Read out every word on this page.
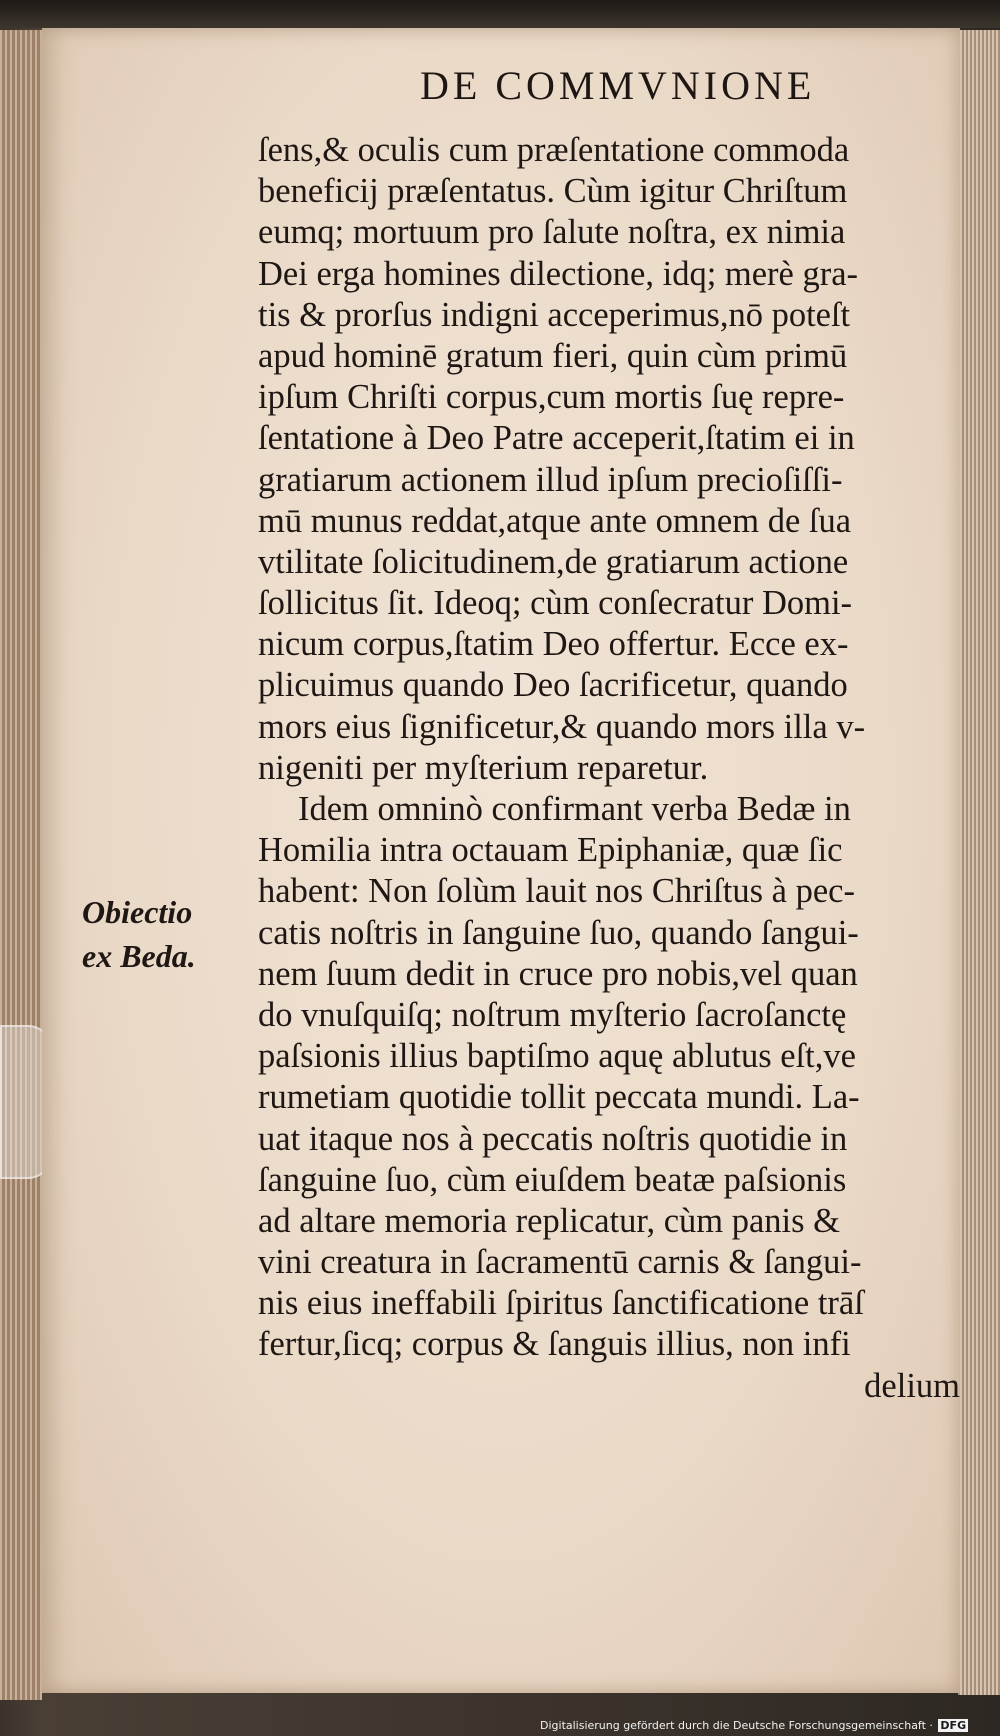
DE COMMVNIONE
ſens,& oculis cum præſentatione commoda
beneficij præſentatus. Cùm igitur Chriſtum
eumq; mortuum pro ſalute noſtra, ex nimia
Dei erga homines dilectione, idq; merè gra-
tis & prorſus indigni acceperimus,nō poteſt
apud hominē gratum fieri, quin cùm primū
ipſum Chriſti corpus,cum mortis ſuę repre-
ſentatione à Deo Patre acceperit,ſtatim ei in
gratiarum actionem illud ipſum precioſiſſi-
mū munus reddat,atque ante omnem de ſua
vtilitate ſolicitudinem,de gratiarum actione
ſollicitus ſit. Ideoq; cùm conſecratur Domi-
nicum corpus,ſtatim Deo offertur. Ecce ex-
plicuimus quando Deo ſacrificetur, quando
mors eius ſignificetur,& quando mors illa v-
nigeniti per myſterium reparetur.
Idem omninò confirmant verba Bedæ in
Homilia intra octauam Epiphaniæ, quæ ſic
habent: Non ſolùm lauit nos Chriſtus à pec-
catis noſtris in ſanguine ſuo, quando ſangui-
nem ſuum dedit in cruce pro nobis,vel quan
do vnuſquiſq; noſtrum myſterio ſacroſanctę
paſsionis illius baptiſmo aquę ablutus eſt,ve
rumetiam quotidie tollit peccata mundi. La-
uat itaque nos à peccatis noſtris quotidie in
ſanguine ſuo, cùm eiuſdem beatæ paſsionis
ad altare memoria replicatur, cùm panis &
vini creatura in ſacramentū carnis & ſangui-
nis eius ineffabili ſpiritus ſanctificatione trāſ
fertur,ſicq; corpus & ſanguis illius, non infi
delium
Obiectio
ex Beda.
Digitalisierung gefördert durch die Deutsche Forschungsgemeinschaft · DFG
